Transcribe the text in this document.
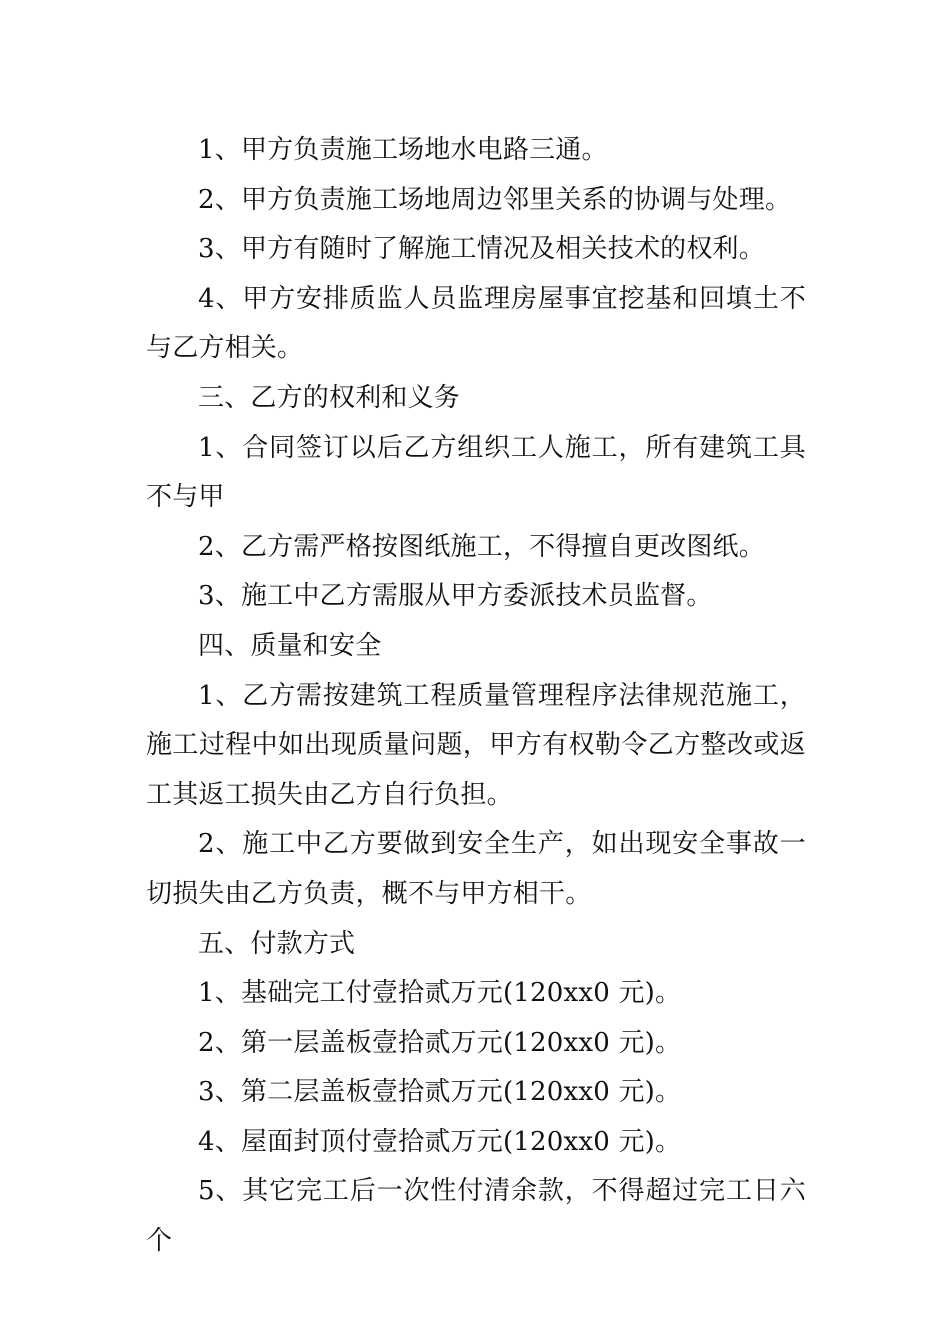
1、甲方负责施工场地水电路三通。

2、甲方负责施工场地周边邻里关系的协调与处理。

3、甲方有随时了解施工情况及相关技术的权利。

4、甲方安排质监人员监理房屋事宜挖基和回填土不与乙方相关。

三、乙方的权利和义务

1、合同签订以后乙方组织工人施工，所有建筑工具不与甲

2、乙方需严格按图纸施工，不得擅自更改图纸。

3、施工中乙方需服从甲方委派技术员监督。

四、质量和安全

1、乙方需按建筑工程质量管理程序法律规范施工，施工过程中如出现质量问题，甲方有权勒令乙方整改或返工其返工损失由乙方自行负担。

2、施工中乙方要做到安全生产，如出现安全事故一切损失由乙方负责，概不与甲方相干。

五、付款方式

1、基础完工付壹拾贰万元(120xx0 元)。

2、第一层盖板壹拾贰万元(120xx0 元)。

3、第二层盖板壹拾贰万元(120xx0 元)。

4、屋面封顶付壹拾贰万元(120xx0 元)。

5、其它完工后一次性付清余款，不得超过完工日六个
